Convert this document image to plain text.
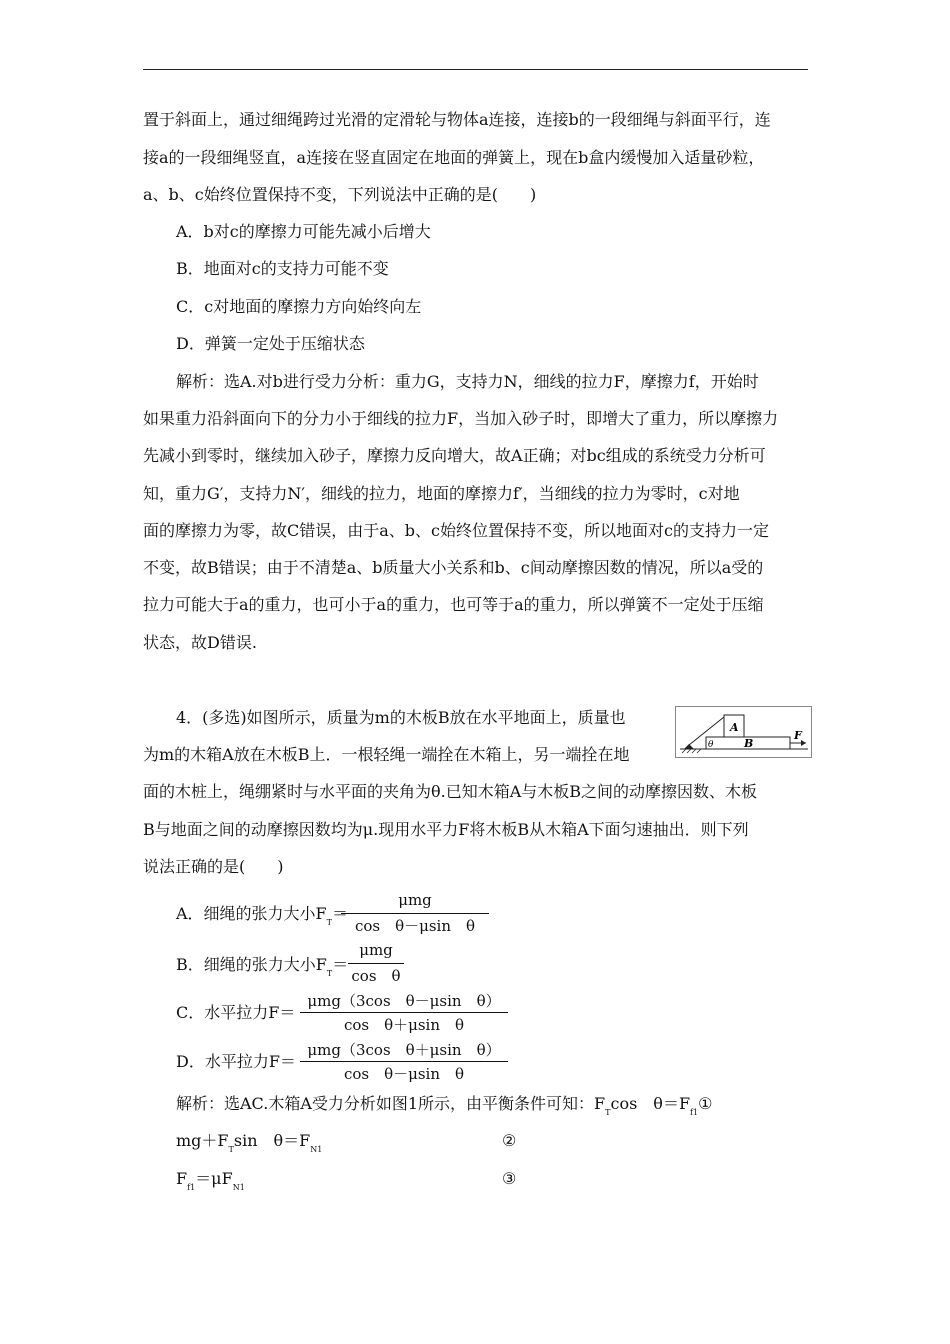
置于斜面上，通过细绳跨过光滑的定滑轮与物体a连接，连接b的一段细绳与斜面平行，连
接a的一段细绳竖直，a连接在竖直固定在地面的弹簧上，现在b盒内缓慢加入适量砂粒，
a、b、c始终位置保持不变，下列说法中正确的是(　　)
A．b对c的摩擦力可能先减小后增大
B．地面对c的支持力可能不变
C．c对地面的摩擦力方向始终向左
D．弹簧一定处于压缩状态
解析：选A.对b进行受力分析：重力G，支持力N，细线的拉力F，摩擦力f，开始时
如果重力沿斜面向下的分力小于细线的拉力F，当加入砂子时，即增大了重力，所以摩擦力
先减小到零时，继续加入砂子，摩擦力反向增大，故A正确；对bc组成的系统受力分析可
知，重力G′，支持力N′，细线的拉力，地面的摩擦力f′，当细线的拉力为零时，c对地
面的摩擦力为零，故C错误，由于a、b、c始终位置保持不变，所以地面对c的支持力一定
不变，故B错误；由于不清楚a、b质量大小关系和b、c间动摩擦因数的情况，所以a受的
拉力可能大于a的重力，也可小于a的重力，也可等于a的重力，所以弹簧不一定处于压缩
状态，故D错误.
4．(多选)如图所示，质量为m的木板B放在水平地面上，质量也
为m的木箱A放在木板B上．一根轻绳一端拴在木箱上，另一端拴在地
面的木桩上，绳绷紧时与水平面的夹角为θ.已知木箱A与木板B之间的动摩擦因数、木板
B与地面之间的动摩擦因数均为μ.现用水平力F将木板B从木箱A下面匀速抽出．则下列
说法正确的是(　　)
A
B
F
θ
A．细绳的张力大小$F_T=$
μmg
cos　θ－μsin　θ
B．细绳的张力大小$F_T=$
μmg
cos　θ
C．水平拉力F＝
μmg（3cos　θ－μsin　θ）
cos　θ＋μsin　θ
D．水平拉力F＝
μmg（3cos　θ＋μsin　θ）
cos　θ－μsin　θ
解析：选AC.木箱A受力分析如图1所示，由平衡条件可知：$F_T\cos$　$\theta=F_{f1}①$
$mg+F_T\sin$　$\theta=F_{N1}$	②
$F_{f1}=\mu F_{N1}$	③
